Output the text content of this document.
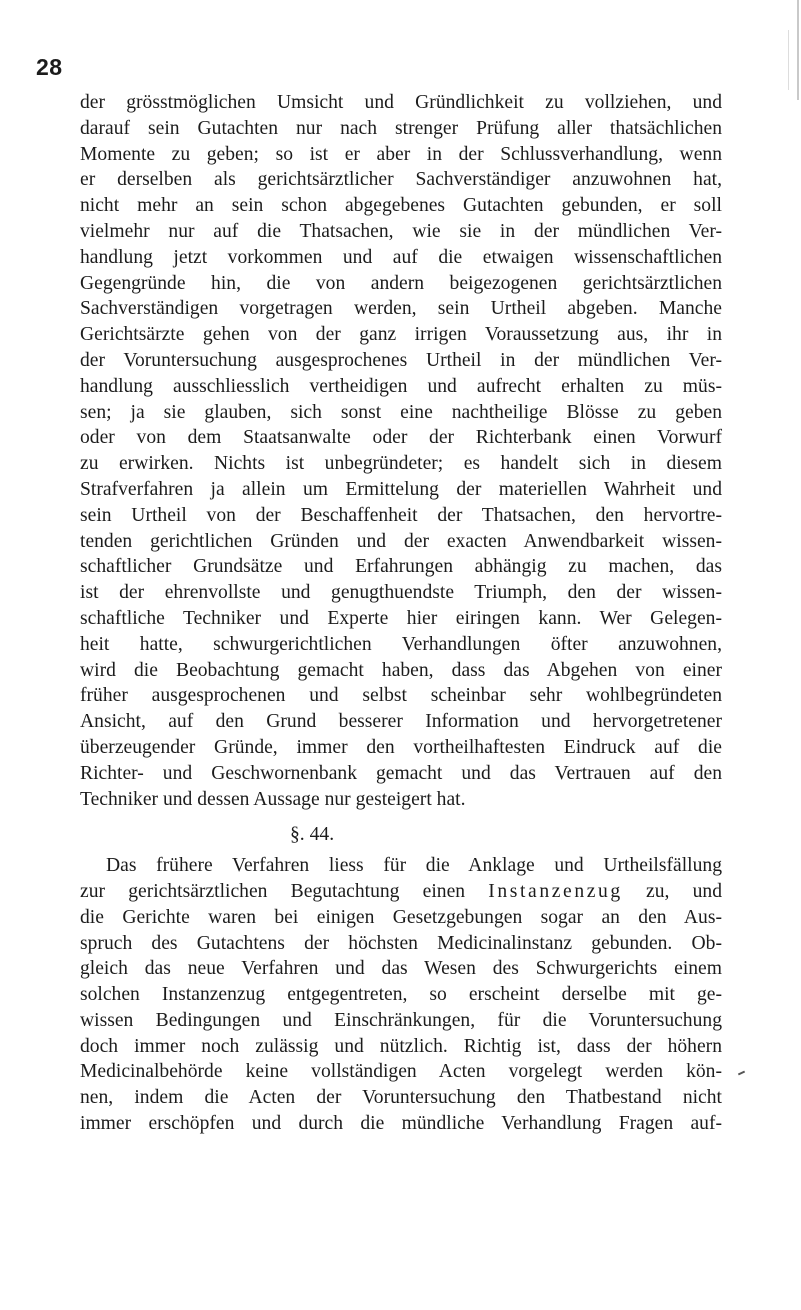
28
der grösstmöglichen Umsicht und Gründlichkeit zu vollziehen, und
darauf sein Gutachten nur nach strenger Prüfung aller thatsächlichen
Momente zu geben; so ist er aber in der Schlussverhandlung, wenn
er derselben als gerichtsärztlicher Sachverständiger anzuwohnen hat,
nicht mehr an sein schon abgegebenes Gutachten gebunden, er soll
vielmehr nur auf die Thatsachen, wie sie in der mündlichen Ver-
handlung jetzt vorkommen und auf die etwaigen wissenschaftlichen
Gegengründe hin, die von andern beigezogenen gerichtsärztlichen
Sachverständigen vorgetragen werden, sein Urtheil abgeben. Manche
Gerichtsärzte gehen von der ganz irrigen Voraussetzung aus, ihr in
der Voruntersuchung ausgesprochenes Urtheil in der mündlichen Ver-
handlung ausschliesslich vertheidigen und aufrecht erhalten zu müs-
sen; ja sie glauben, sich sonst eine nachtheilige Blösse zu geben
oder von dem Staatsanwalte oder der Richterbank einen Vorwurf
zu erwirken. Nichts ist unbegründeter; es handelt sich in diesem
Strafverfahren ja allein um Ermittelung der materiellen Wahrheit und
sein Urtheil von der Beschaffenheit der Thatsachen, den hervortre-
tenden gerichtlichen Gründen und der exacten Anwendbarkeit wissen-
schaftlicher Grundsätze und Erfahrungen abhängig zu machen, das
ist der ehrenvollste und genugthuendste Triumph, den der wissen-
schaftliche Techniker und Experte hier eiringen kann. Wer Gelegen-
heit hatte, schwurgerichtlichen Verhandlungen öfter anzuwohnen,
wird die Beobachtung gemacht haben, dass das Abgehen von einer
früher ausgesprochenen und selbst scheinbar sehr wohlbegründeten
Ansicht, auf den Grund besserer Information und hervorgetretener
überzeugender Gründe, immer den vortheilhaftesten Eindruck auf die
Richter- und Geschwornenbank gemacht und das Vertrauen auf den
Techniker und dessen Aussage nur gesteigert hat.
§. 44.
Das frühere Verfahren liess für die Anklage und Urtheilsfällung
zur gerichtsärztlichen Begutachtung einen Instanzenzug zu, und
die Gerichte waren bei einigen Gesetzgebungen sogar an den Aus-
spruch des Gutachtens der höchsten Medicinalinstanz gebunden. Ob-
gleich das neue Verfahren und das Wesen des Schwurgerichts einem
solchen Instanzenzug entgegentreten, so erscheint derselbe mit ge-
wissen Bedingungen und Einschränkungen, für die Voruntersuchung
doch immer noch zulässig und nützlich. Richtig ist, dass der höhern
Medicinalbehörde keine vollständigen Acten vorgelegt werden kön-
nen, indem die Acten der Voruntersuchung den Thatbestand nicht
immer erschöpfen und durch die mündliche Verhandlung Fragen auf-
